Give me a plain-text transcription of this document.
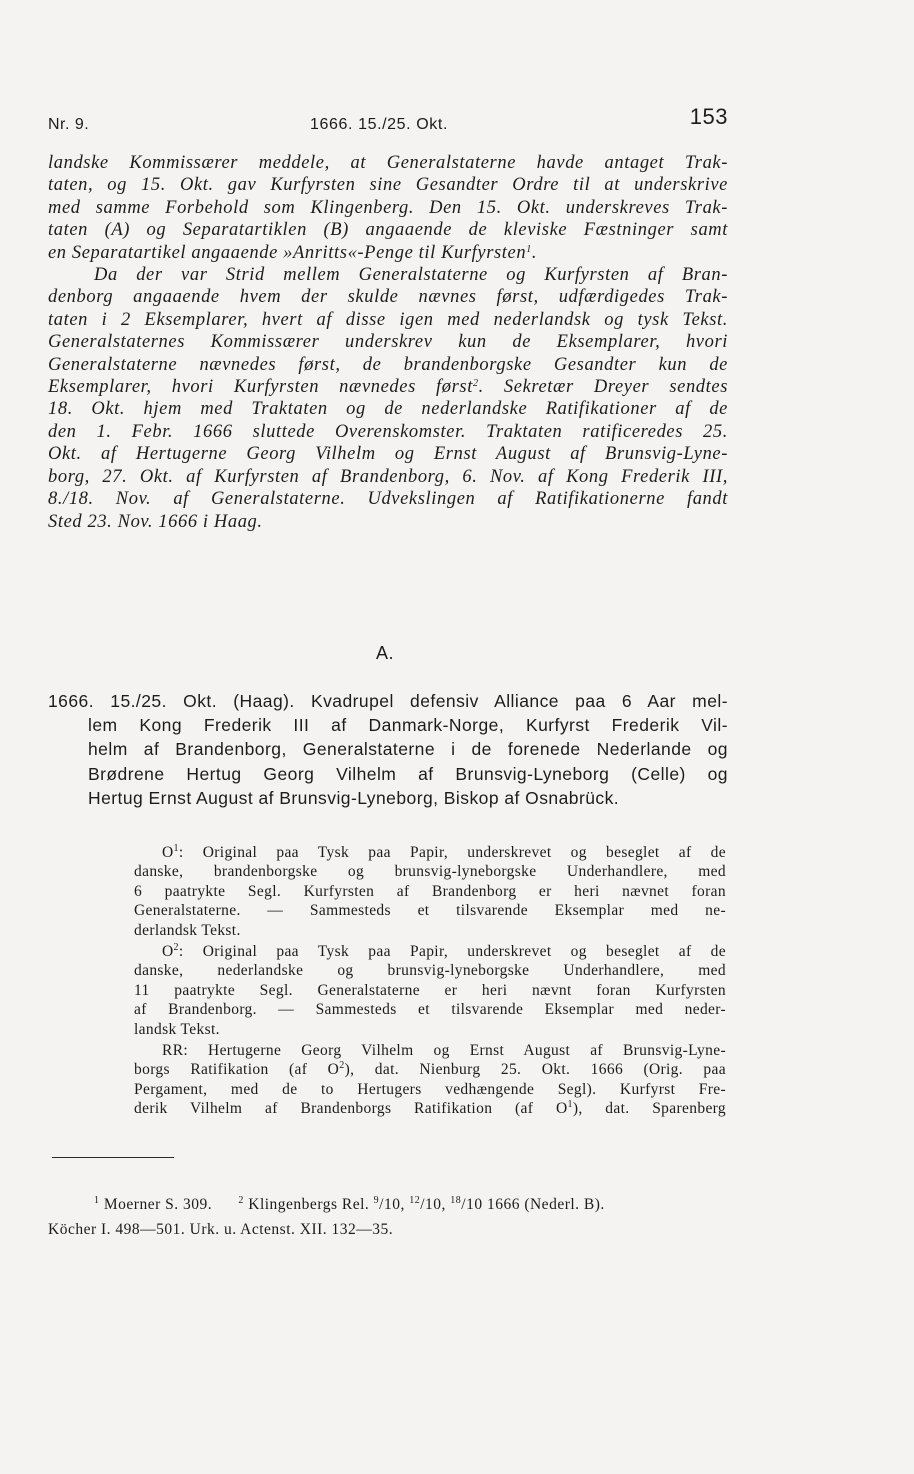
Nr. 9.	1666. 15./25. Okt.	153
landske Kommissærer meddele, at Generalstaterne havde antaget Trak-
taten, og 15. Okt. gav Kurfyrsten sine Gesandter Ordre til at underskrive
med samme Forbehold som Klingenberg. Den 15. Okt. underskreves Trak-
taten (A) og Separatartiklen (B) angaaende de kleviske Fæstninger samt
en Separatartikel angaaende »Anritts«-Penge til Kurfyrsten$^1$.
Da der var Strid mellem Generalstaterne og Kurfyrsten af Bran-
denborg angaaende hvem der skulde nævnes først, udfærdigedes Trak-
taten i 2 Eksemplarer, hvert af disse igen med nederlandsk og tysk Tekst.
Generalstaternes Kommissærer underskrev kun de Eksemplarer, hvori
Generalstaterne nævnedes først, de brandenborgske Gesandter kun de
Eksemplarer, hvori Kurfyrsten nævnedes først$^2$. Sekretær Dreyer sendtes
18. Okt. hjem med Traktaten og de nederlandske Ratifikationer af de
den 1. Febr. 1666 sluttede Overenskomster. Traktaten ratificeredes 25.
Okt. af Hertugerne Georg Vilhelm og Ernst August af Brunsvig-Lyne-
borg, 27. Okt. af Kurfyrsten af Brandenborg, 6. Nov. af Kong Frederik III,
8./18. Nov. af Generalstaterne. Udvekslingen af Ratifikationerne fandt
Sted 23. Nov. 1666 i Haag.
A.
1666. 15./25. Okt. (Haag). Kvadrupel defensiv Alliance paa 6 Aar mel-
lem Kong Frederik III af Danmark-Norge, Kurfyrst Frederik Vil-
helm af Brandenborg, Generalstaterne i de forenede Nederlande og
Brødrene Hertug Georg Vilhelm af Brunsvig-Lyneborg (Celle) og
Hertug Ernst August af Brunsvig-Lyneborg, Biskop af Osnabrück.
$O^1$: Original paa Tysk paa Papir, underskrevet og beseglet af de
danske, brandenborgske og brunsvig-lyneborgske Underhandlere, med
6 paatrykte Segl. Kurfyrsten af Brandenborg er heri nævnet foran
Generalstaterne. — Sammesteds et tilsvarende Eksemplar med ne-
derlandsk Tekst.
$O^2$: Original paa Tysk paa Papir, underskrevet og beseglet af de
danske, nederlandske og brunsvig-lyneborgske Underhandlere, med
11 paatrykte Segl. Generalstaterne er heri nævnt foran Kurfyrsten
af Brandenborg. — Sammesteds et tilsvarende Eksemplar med neder-
landsk Tekst.
RR: Hertugerne Georg Vilhelm og Ernst August af Brunsvig-Lyne-
borgs Ratifikation (af $O^2$), dat. Nienburg 25. Okt. 1666 (Orig. paa
Pergament, med de to Hertugers vedhængende Segl). Kurfyrst Fre-
derik Vilhelm af Brandenborgs Ratifikation (af $O^1$), dat. Sparenberg
$^1$ Moerner S. 309.	$^2$ Klingenbergs Rel. $^9$/10, $^{12}$/10, $^{18}$/10 1666 (Nederl. B).
Köcher I. 498—501. Urk. u. Actenst. XII. 132—35.
